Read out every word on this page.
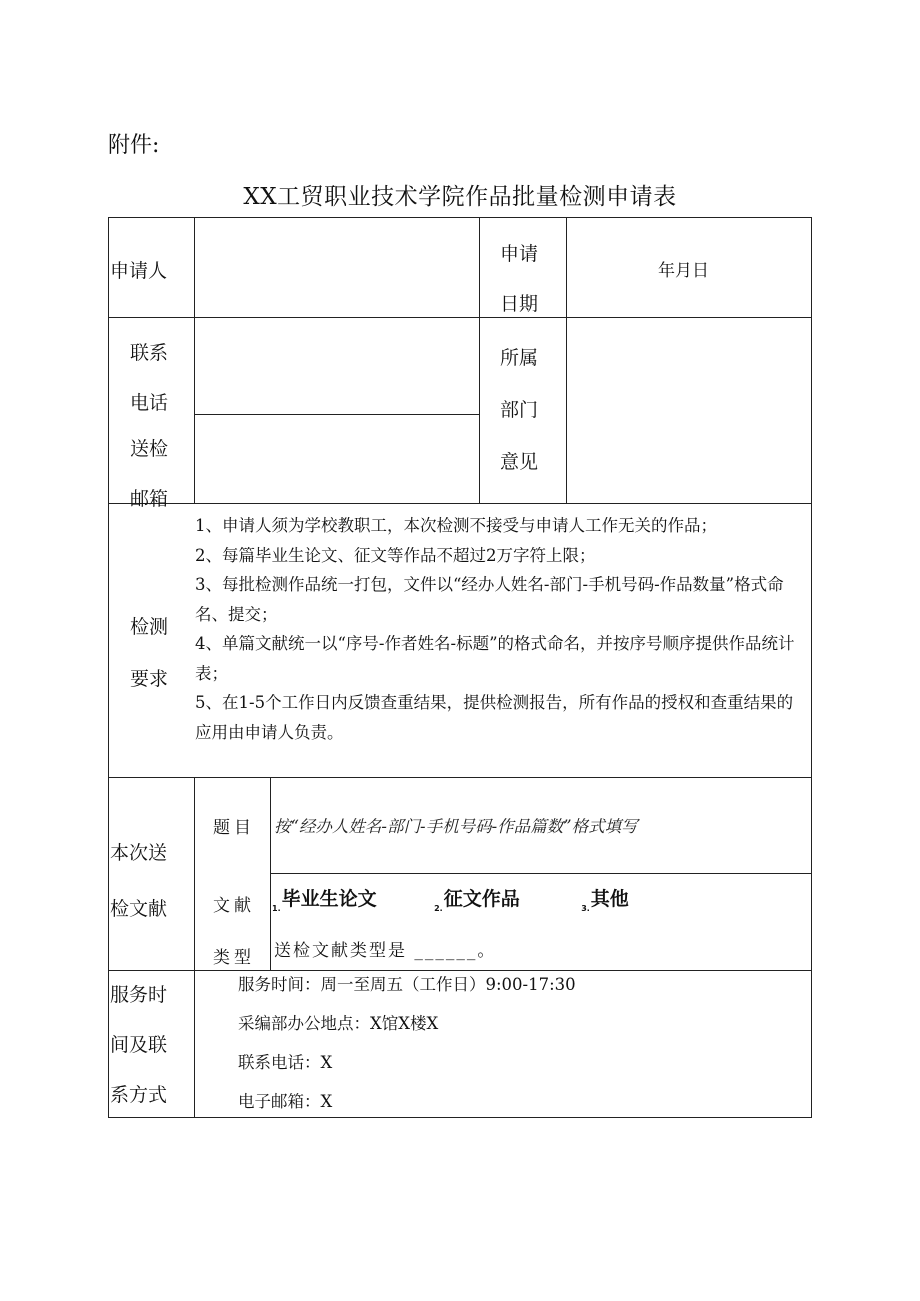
附件:
XX工贸职业技术学院作品批量检测申请表
申请人
申请
日期
年月日
联系
电话
所属
部门
意见
送检
邮箱
检测
要求

1、申请人须为学校教职工，本次检测不接受与申请人工作无关的作品；

2、每篇毕业生论文、征文等作品不超过2万字符上限；

3、每批检测作品统一打包，文件以“经办人姓名-部门-手机号码-作品数量”格式命名、提交；

4、单篇文献统一以“序号-作者姓名-标题”的格式命名，并按序号顺序提供作品统计表；

5、在1-5个工作日内反馈查重结果，提供检测报告，所有作品的授权和查重结果的应用由申请人负责。

本次送
检文献
题目 按“经办人姓名-部门-手机号码-作品篇数”格式填写
文献
类型
$_{1.}$毕业生论文	$_{2.}$征文作品	$_{3.}$其他
送检文献类型是 ______。
服务时
间及联
系方式

服务时间：周一至周五（工作日）9:00-17:30

采编部办公地点：X馆X楼X

联系电话：X

电子邮箱：X
